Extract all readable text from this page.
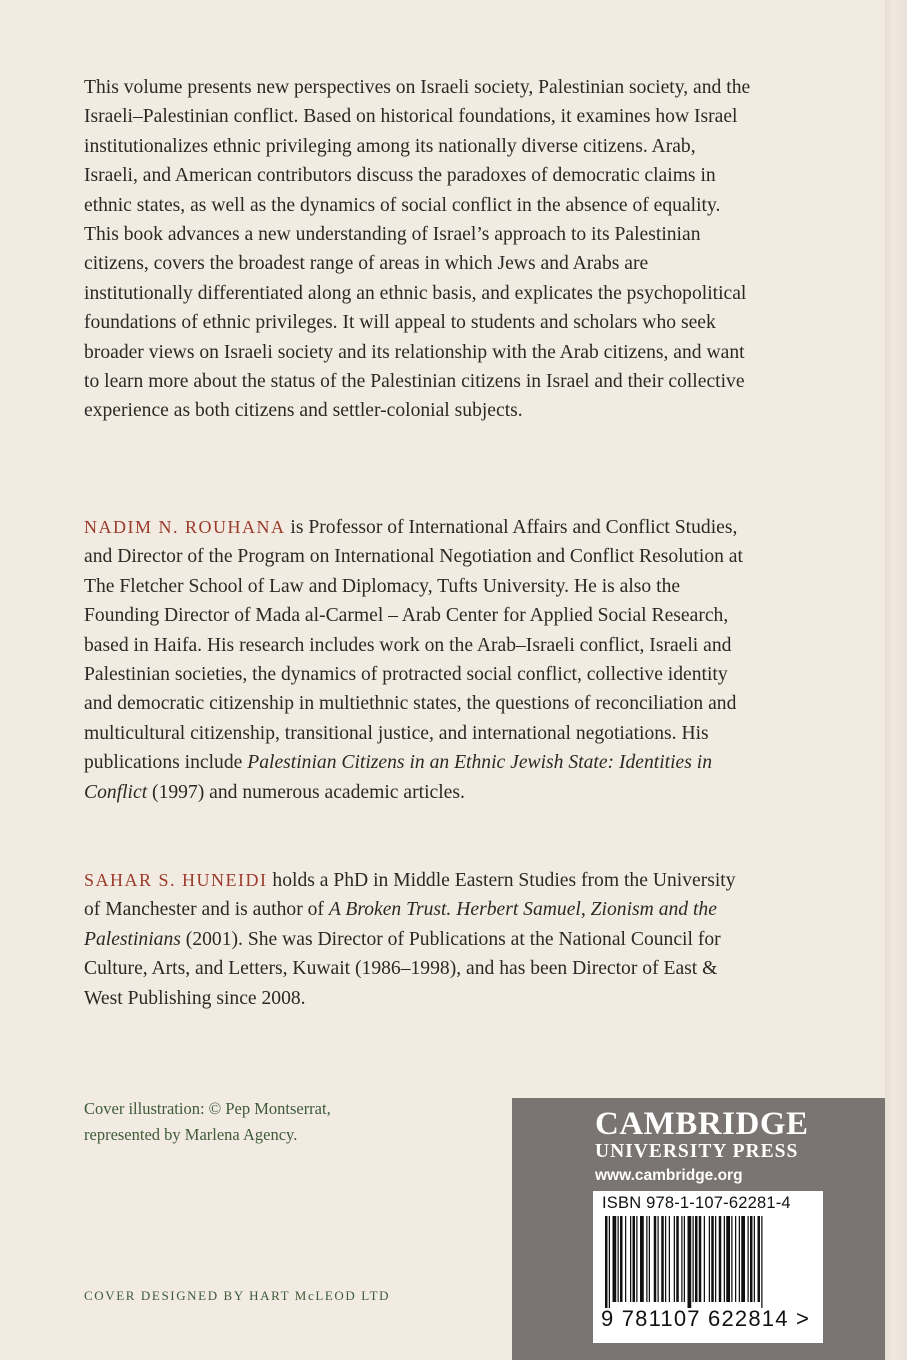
This volume presents new perspectives on Israeli society, Palestinian society, and the Israeli–Palestinian conflict. Based on historical foundations, it examines how Israel institutionalizes ethnic privileging among its nationally diverse citizens. Arab, Israeli, and American contributors discuss the paradoxes of democratic claims in ethnic states, as well as the dynamics of social conflict in the absence of equality. This book advances a new understanding of Israel’s approach to its Palestinian citizens, covers the broadest range of areas in which Jews and Arabs are institutionally differentiated along an ethnic basis, and explicates the psychopolitical foundations of ethnic privileges. It will appeal to students and scholars who seek broader views on Israeli society and its relationship with the Arab citizens, and want to learn more about the status of the Palestinian citizens in Israel and their collective experience as both citizens and settler-colonial subjects.

NADIM N. ROUHANA is Professor of International Affairs and Conflict Studies, and Director of the Program on International Negotiation and Conflict Resolution at The Fletcher School of Law and Diplomacy, Tufts University. He is also the Founding Director of Mada al-Carmel – Arab Center for Applied Social Research, based in Haifa. His research includes work on the Arab–Israeli conflict, Israeli and Palestinian societies, the dynamics of protracted social conflict, collective identity and democratic citizenship in multiethnic states, the questions of reconciliation and multicultural citizenship, transitional justice, and international negotiations. His publications include Palestinian Citizens in an Ethnic Jewish State: Identities in Conflict (1997) and numerous academic articles.

SAHAR S. HUNEIDI holds a PhD in Middle Eastern Studies from the University of Manchester and is author of A Broken Trust. Herbert Samuel, Zionism and the Palestinians (2001). She was Director of Publications at the National Council for Culture, Arts, and Letters, Kuwait (1986–1998), and has been Director of East & West Publishing since 2008.

Cover illustration: © Pep Montserrat,
represented by Marlena Agency.
COVER DESIGNED BY HART McLEOD LTD
CAMBRIDGE
UNIVERSITY PRESS
www.cambridge.org
ISBN 978-1-107-62281-4
9 781107 622814 >
